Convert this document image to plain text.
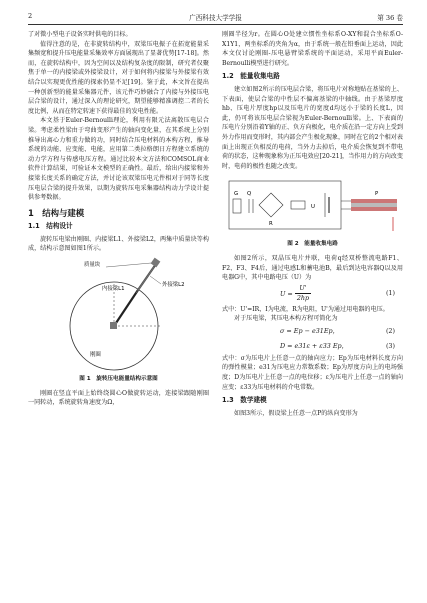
2	广西科技大学学报	第 36 卷

了对微小型电子设备实时供电的目标。

值得注意的是，在非旋转结构中，双梁压电振子在拓宽能量采集频宽和提升压电能量采集效率方面展现出了显著优势[17-18]。然而，在旋转结构中，因为空间以及结构复杂度的限制，研究者仅聚焦于单一的内接梁或外接梁设计，对于如何将内接梁与外接梁有效结合以实现更优性能的探索仍显不足[19]。鉴于此，本文旨在提出一种创新型的能量采集器元件，该元件巧妙融合了内接与外接压电层合梁的设计，通过深入的理论研究，期望能够精准调控二者的长度比例，从而在特定转速下获得最佳的发电性能。

本文基于Euler-Bernoulli理论，利用有限元法离散压电层合梁。考虑柔性梁由于弯曲变形产生的轴向变化量，在其系统上分别推导出离心力和重力做的功，同时结合压电材料的本构方程，推导系统的动能、应变能、电能，应用第二类拉格朗日方程建立系统的动力学方程与传感电压方程。通过比较本文方法和COMSOL商业软件计算结果，可验证本文模型的正确性。最后，给出内接梁和外接梁长度关系的确定方法，并讨论该双梁压电元件相对于同等长度压电层合梁的提升效果，以期为旋转压电采集器结构动力学设计提供参考数据。

1　结构与建模
1.1　结构设计

旋转压电梁由刚圈、内接梁L1、外接梁L2，两集中质量块等构成，结构示意图如图1所示。

质量块
内接梁L1
外接梁L2
刚圈
图 1　旋转压电能量结构示意图

刚圈在竖直平面上始终绕圆心O做旋转运动，连接梁跟随刚圈一同转动，系统旋转角速度为Ω，

刚圈半径为r。在圆心O处建立惯性坐标系O-XY和混合坐标系O-X1Y1，两坐标系的夹角为α，由于系统一般在铅垂面上运动，因此本文仅讨论刚圈-压电悬臂梁系统的平面运动，采用平面Euler-Bernoulli模型进行研究。

1.2　能量收集电路

建立如图2所示的压电层合梁，将压电片对称地贴在基梁的上、下表面，使层合梁的中性层不偏离基梁的中轴线。由于基梁厚度hb、压电片厚度hp以及压电片的宽度d均远小于梁的长度L，因此，仍可将该压电层合梁视为Euler-Bernoulli梁。上、下表面的压电片分别沿着Y轴的正、负方向极化，电介质在沿一定方向上受到外力作用而变形时，其内部会产生极化现象，同时在它的2个相对表面上出现正负相反的电荷，当外力去掉后，电介质会恢复到不带电荷的状态，这种现象称为正压电效应[20-21]，当作用力的方向改变时，电荷的极性也随之改变。

G Q
R
U
P
图 2　能量收集电路

如图2所示，双晶压电片并联，电荷q经双桥整流电路F1、F2、F3、F4后，通过电感L和蓄电池B，最后到达电容器Q以及用电器G中，其中电路电压（U）为

$U = \frac{U'}{2hp}$	(1)

式中：U'=IR，I为电流，R为电阻，U'为通过用电器的电压。

对于压电梁，其压电本构方程可简化为

σ = Ep − e31Ep，	(2)
D = e31ε + ε33 Ep，	(3)

式中：σ为压电片上任意一点的轴向应力；Ep为压电材料长度方向的弹性模量；e31为压电应力常数系数；Ep为厚度方向上的电场强度；D为压电片上任意一点的电位移；ε为压电片上任意一点的轴向应变；ε33为压电材料的介电常数。

1.3　数学建模

如图3所示，假设梁上任意一点P的纵向变形为
